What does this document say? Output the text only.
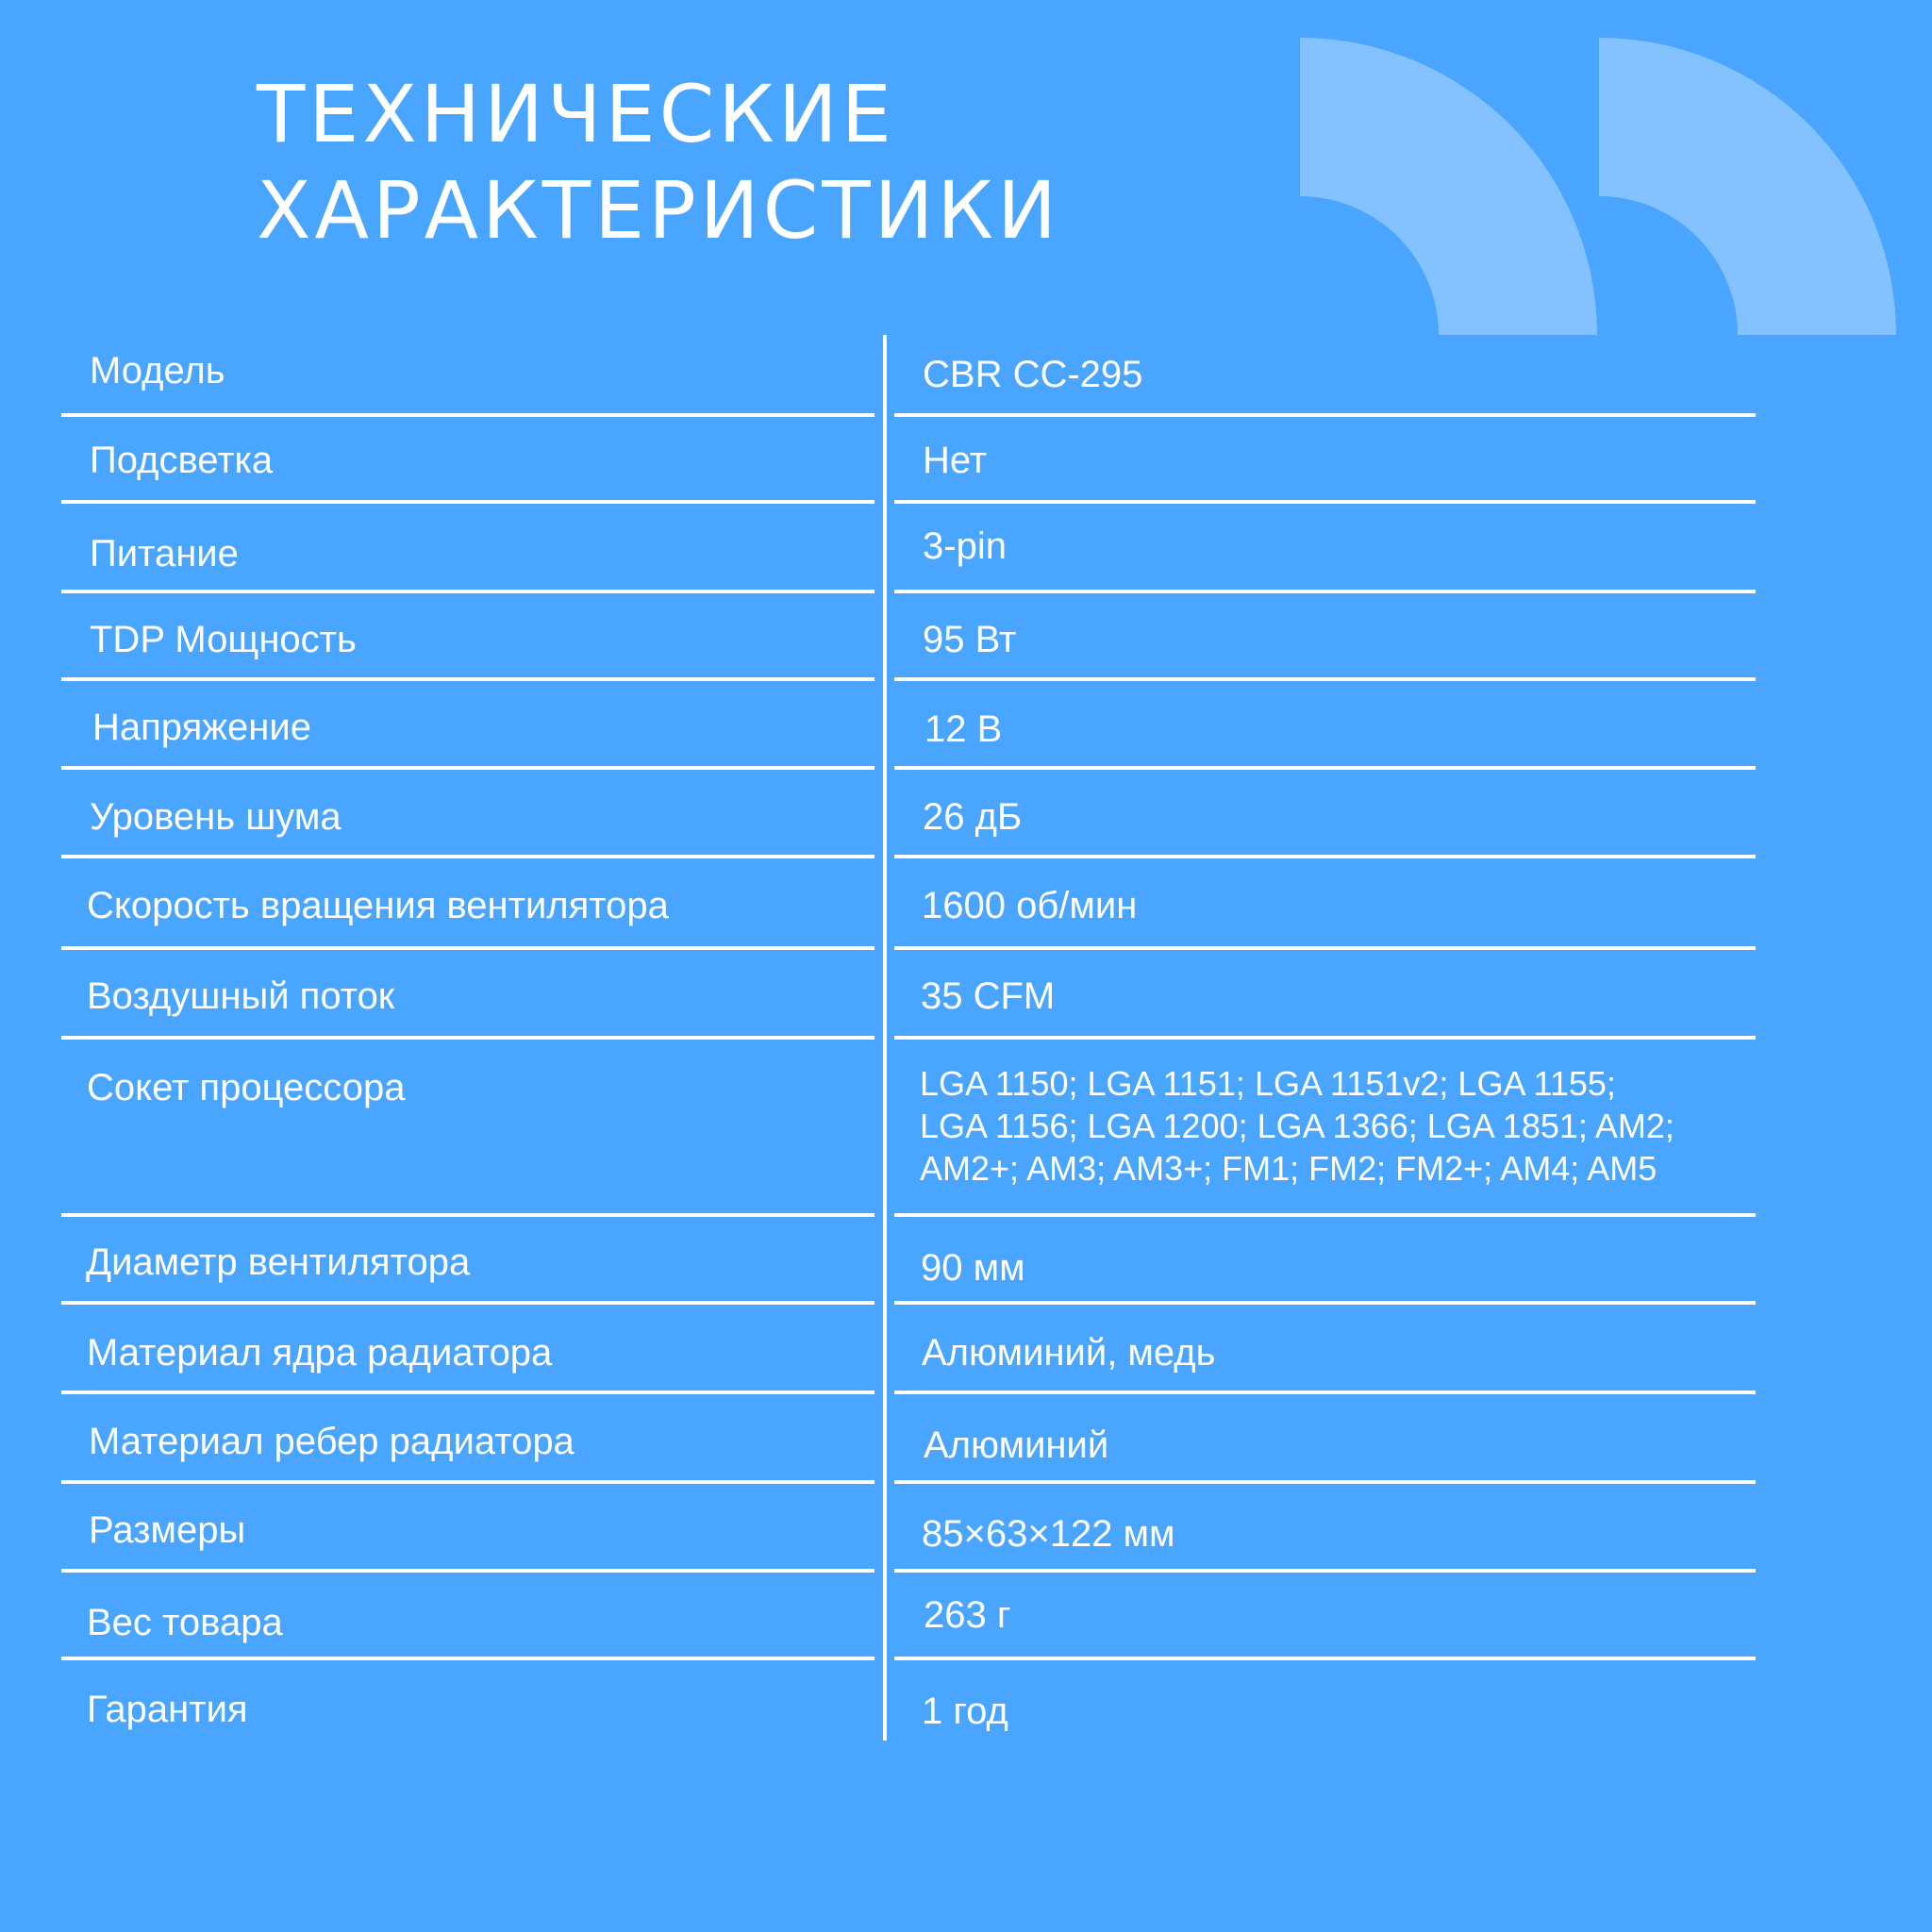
ТЕХНИЧЕСКИЕ
ХАРАКТЕРИСТИКИ
Модель	CBR CC-295
Подсветка	Нет
Питание	3-pin
TDP Мощность	95 Вт
Напряжение	12 В
Уровень шума	26 дБ
Скорость вращения вентилятора	1600 об/мин
Воздушный поток	35 CFM
Сокет процессора	LGA 1150; LGA 1151; LGA 1151v2; LGA 1155;
LGA 1156; LGA 1200; LGA 1366; LGA 1851; AM2;
AM2+; AM3; AM3+; FM1; FM2; FM2+; AM4; AM5
Диаметр вентилятора	90 мм
Материал ядра радиатора	Алюминий, медь
Материал ребер радиатора	Алюминий
Размеры	85×63×122 мм
Вес товара	263 г
Гарантия	1 год
